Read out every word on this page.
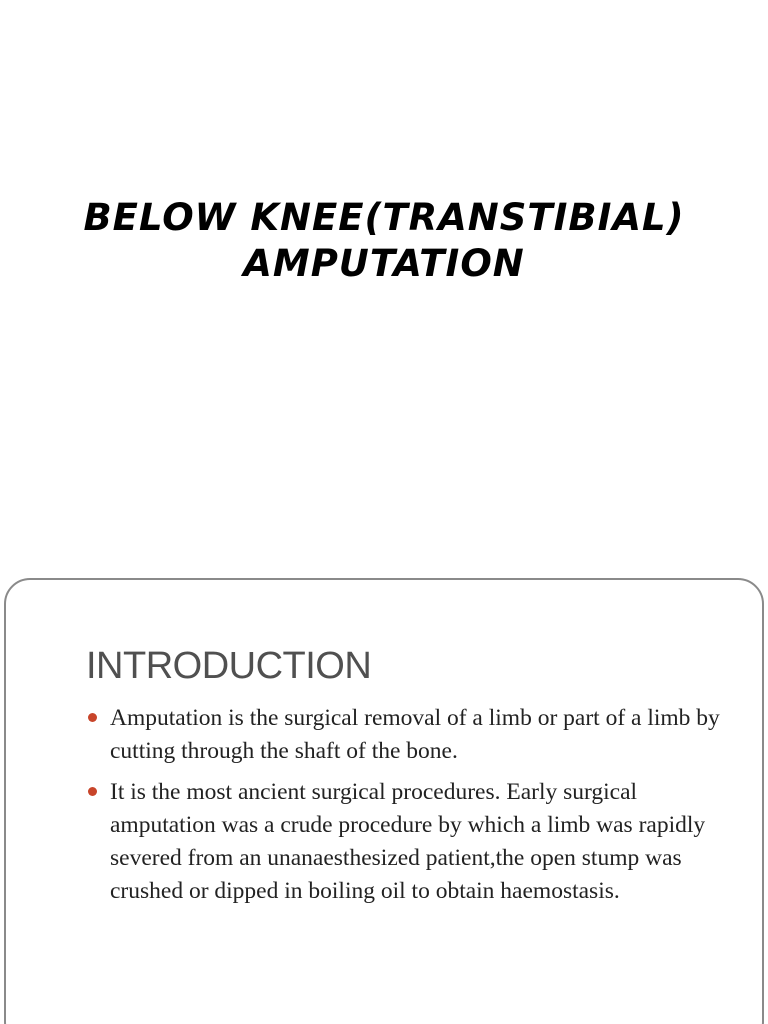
BELOW KNEE(TRANSTIBIAL)
AMPUTATION
INTRODUCTION
Amputation is the surgical removal of a limb or part of a limb by cutting through the shaft of the bone.
It is the most ancient surgical procedures. Early surgical amputation was a crude procedure by which a limb was rapidly severed from an unanaesthesized patient,the open stump was crushed or dipped in boiling oil to obtain haemostasis.
